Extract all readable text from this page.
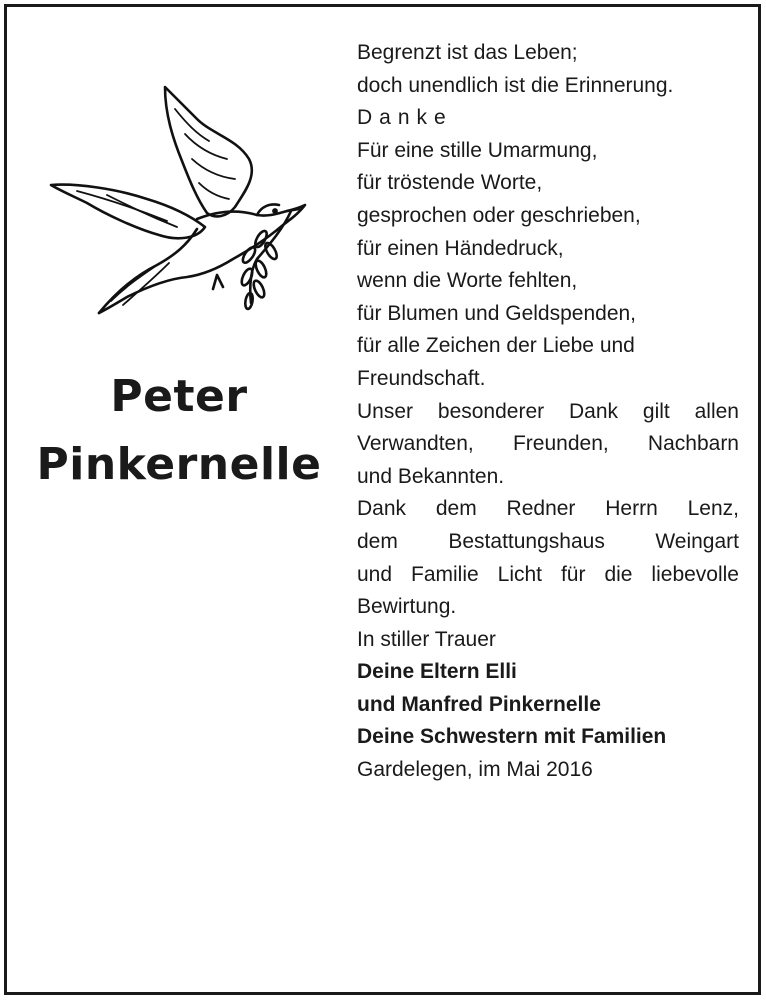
Peter
Pinkernelle
Begrenzt ist das Leben;
doch unendlich ist die Erinnerung.
Danke
Für eine stille Umarmung,
für tröstende Worte,
gesprochen oder geschrieben,
für einen Händedruck,
wenn die Worte fehlten,
für Blumen und Geldspenden,
für alle Zeichen der Liebe und
Freundschaft.
Unser besonderer Dank gilt allen
Verwandten, Freunden, Nachbarn
und Bekannten.
Dank dem Redner Herrn Lenz,
dem Bestattungshaus Weingart
und Familie Licht für die liebevolle
Bewirtung.
In stiller Trauer
Deine Eltern Elli
und Manfred Pinkernelle
Deine Schwestern mit Familien
Gardelegen, im Mai 2016
